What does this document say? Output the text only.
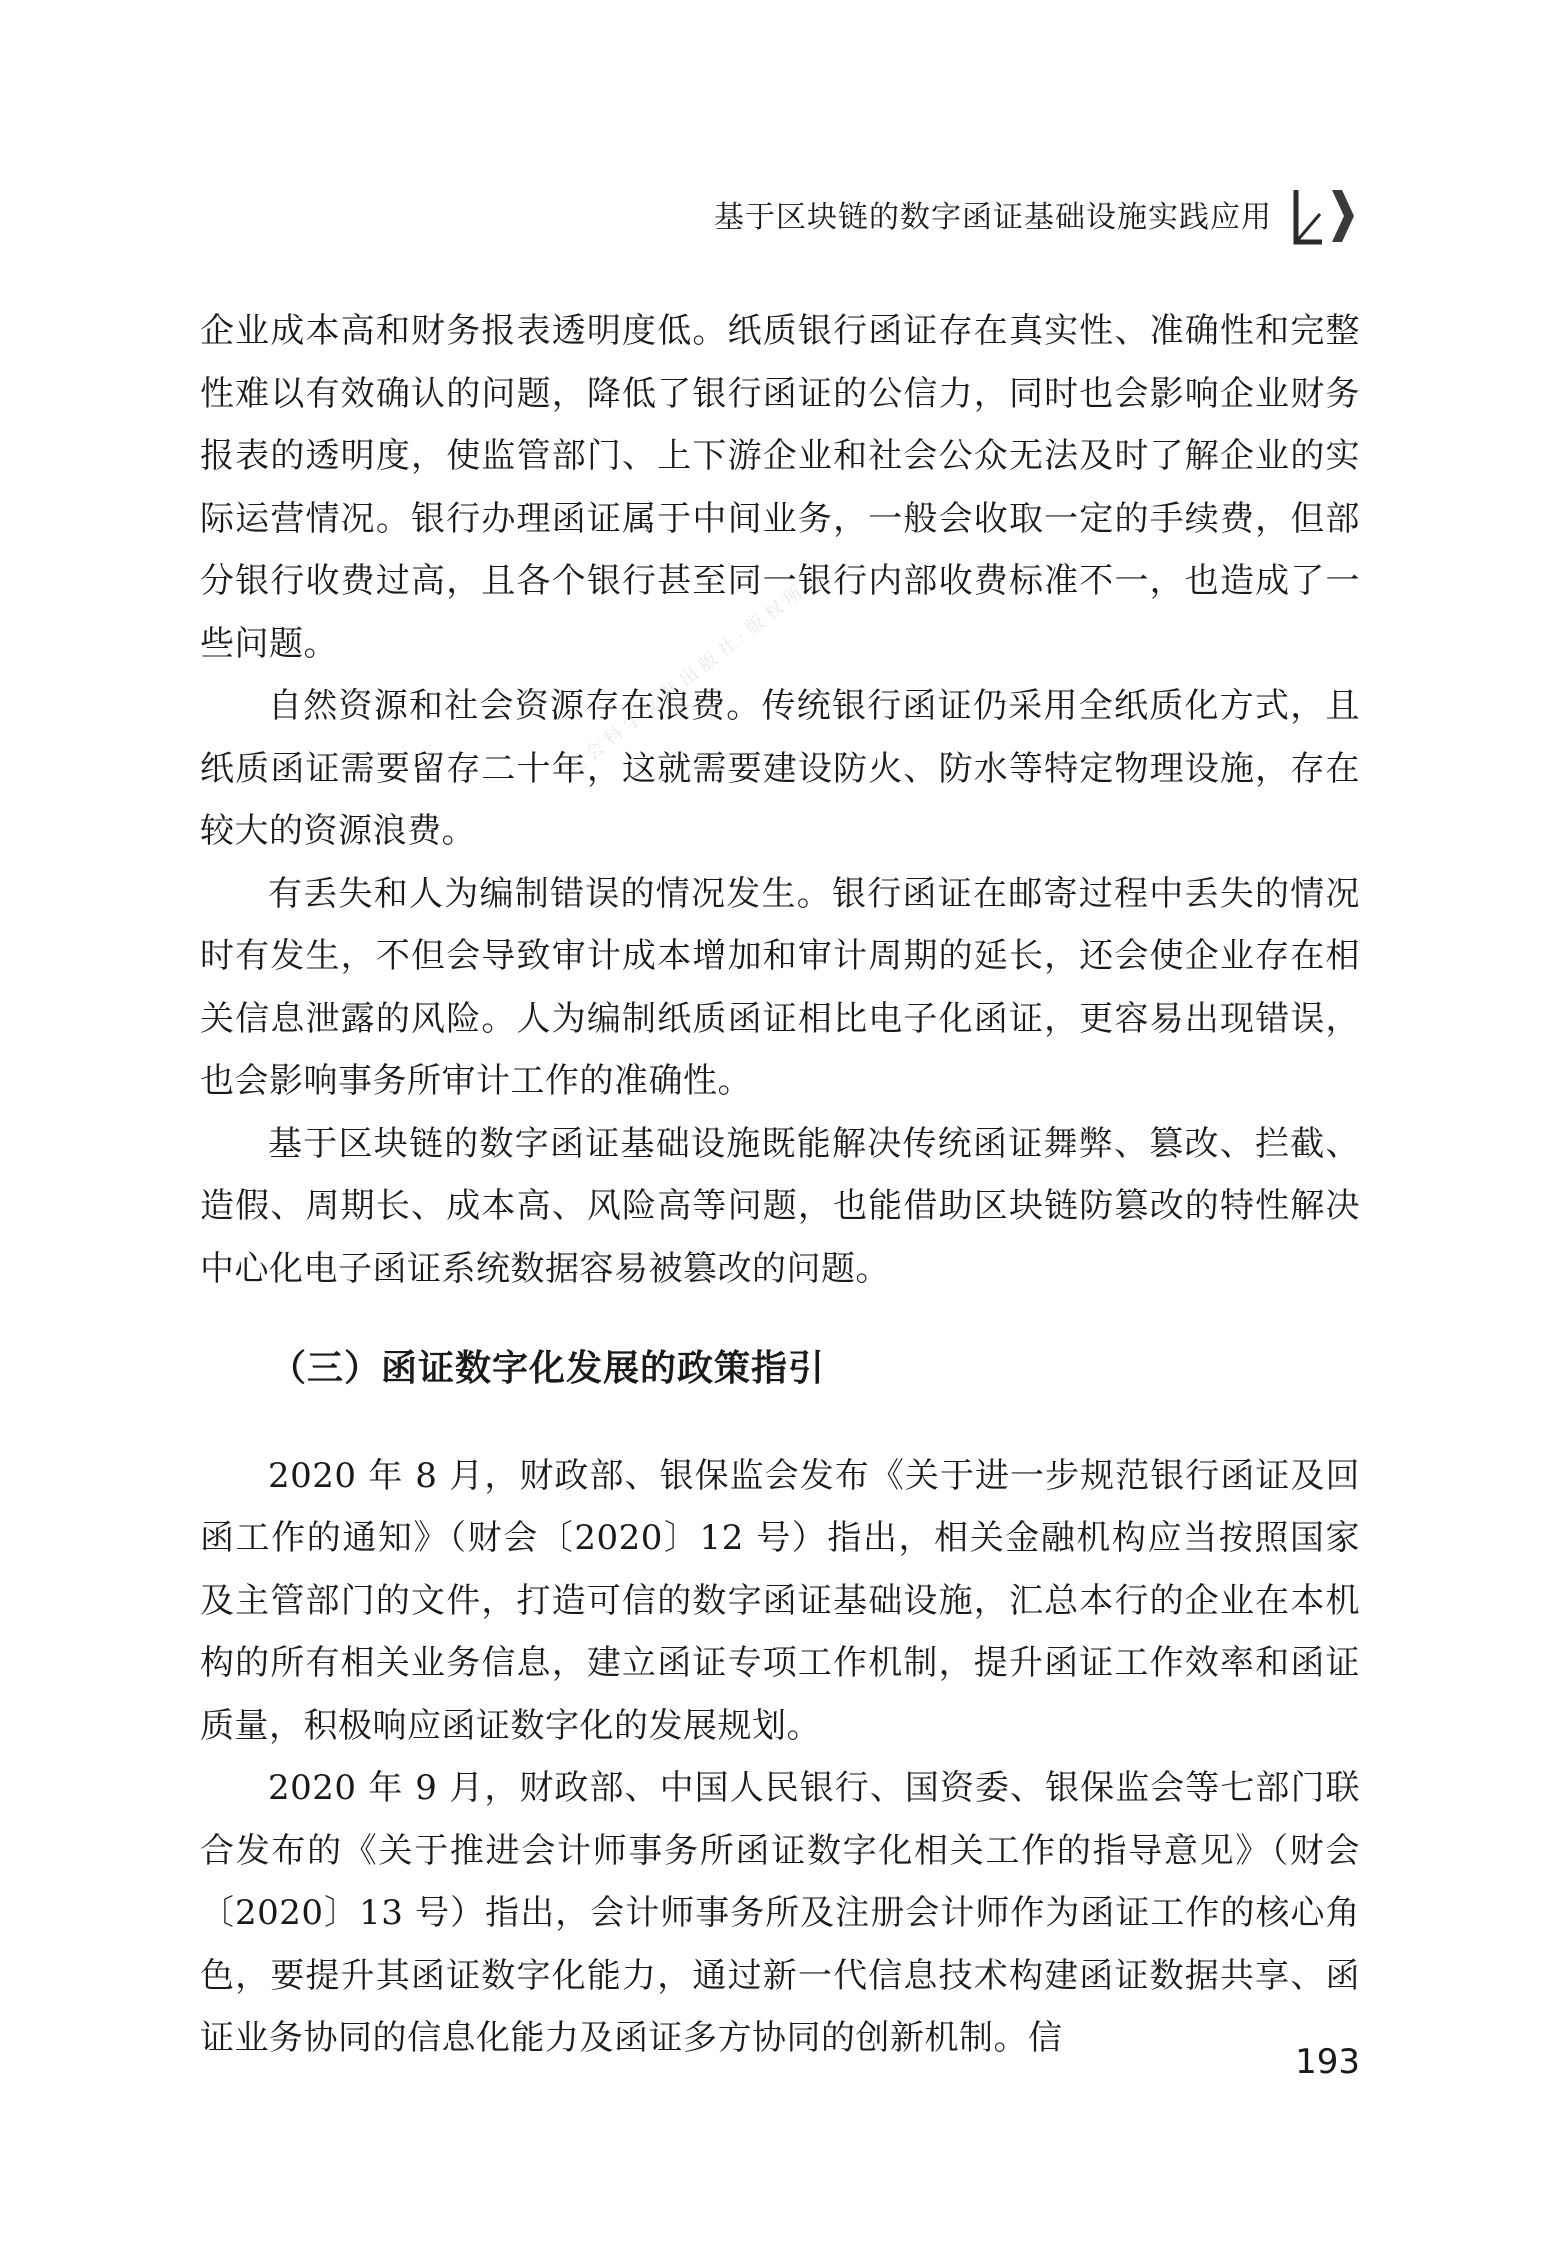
基于区块链的数字函证基础设施实践应用
社会科学文献出版社·版权所有

企业成本高和财务报表透明度低。纸质银行函证存在真实性、准确性和完整性难以有效确认的问题，降低了银行函证的公信力，同时也会影响企业财务报表的透明度，使监管部门、上下游企业和社会公众无法及时了解企业的实际运营情况。银行办理函证属于中间业务，一般会收取一定的手续费，但部分银行收费过高，且各个银行甚至同一银行内部收费标准不一，也造成了一些问题。

自然资源和社会资源存在浪费。传统银行函证仍采用全纸质化方式，且纸质函证需要留存二十年，这就需要建设防火、防水等特定物理设施，存在较大的资源浪费。

有丢失和人为编制错误的情况发生。银行函证在邮寄过程中丢失的情况时有发生，不但会导致审计成本增加和审计周期的延长，还会使企业存在相关信息泄露的风险。人为编制纸质函证相比电子化函证，更容易出现错误，也会影响事务所审计工作的准确性。

基于区块链的数字函证基础设施既能解决传统函证舞弊、篡改、拦截、造假、周期长、成本高、风险高等问题，也能借助区块链防篡改的特性解决中心化电子函证系统数据容易被篡改的问题。

（三）函证数字化发展的政策指引

2020 年 8 月，财政部、银保监会发布《关于进一步规范银行函证及回函工作的通知》（财会〔2020〕12 号）指出，相关金融机构应当按照国家及主管部门的文件，打造可信的数字函证基础设施，汇总本行的企业在本机构的所有相关业务信息，建立函证专项工作机制，提升函证工作效率和函证质量，积极响应函证数字化的发展规划。

2020 年 9 月，财政部、中国人民银行、国资委、银保监会等七部门联合发布的《关于推进会计师事务所函证数字化相关工作的指导意见》（财会〔2020〕13 号）指出，会计师事务所及注册会计师作为函证工作的核心角色，要提升其函证数字化能力，通过新一代信息技术构建函证数据共享、函证业务协同的信息化能力及函证多方协同的创新机制。信

193
